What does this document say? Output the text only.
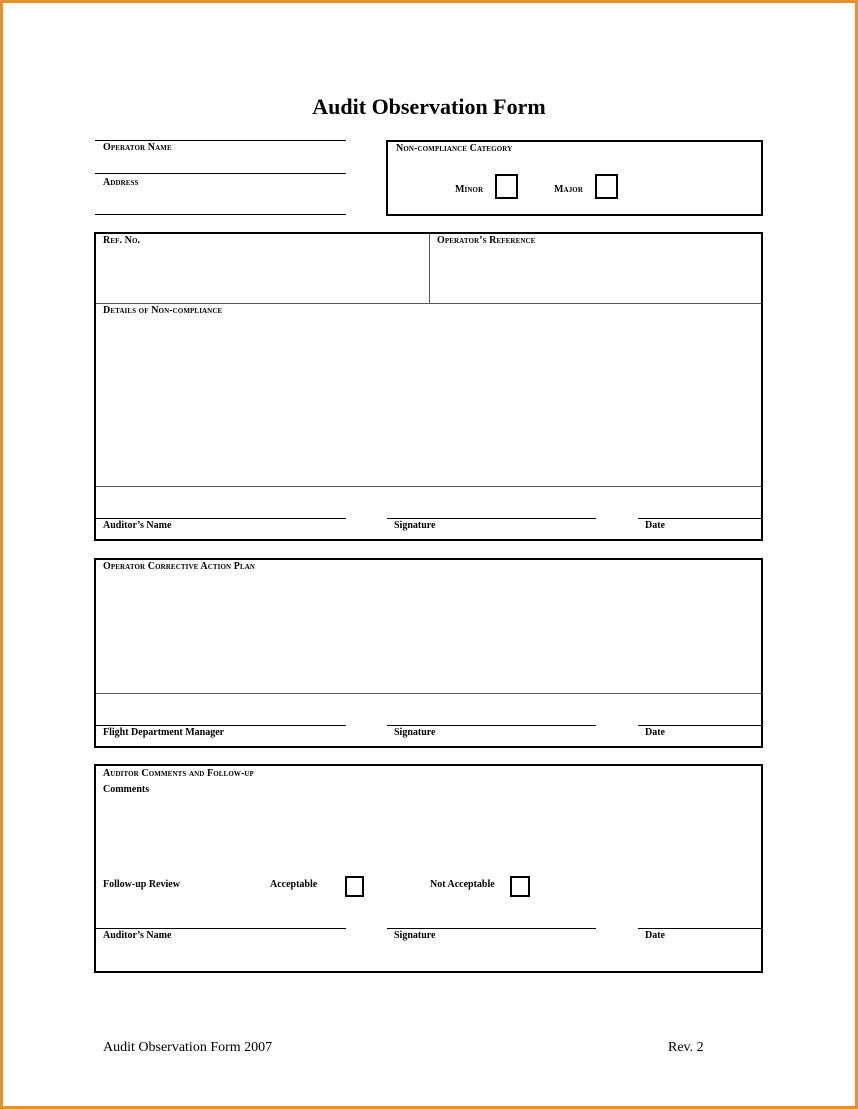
Audit Observation Form
Operator Name
Address
Non-compliance Category
Minor	Major
Ref. No.	Operator’s Reference
Details of Non-compliance
Auditor’s Name	Signature	Date
Operator Corrective Action Plan
Flight Department Manager	Signature	Date
Auditor Comments and Follow-up
Comments
Follow-up Review	Acceptable	Not Acceptable
Auditor’s Name	Signature	Date
Audit Observation Form 2007	Rev. 2
